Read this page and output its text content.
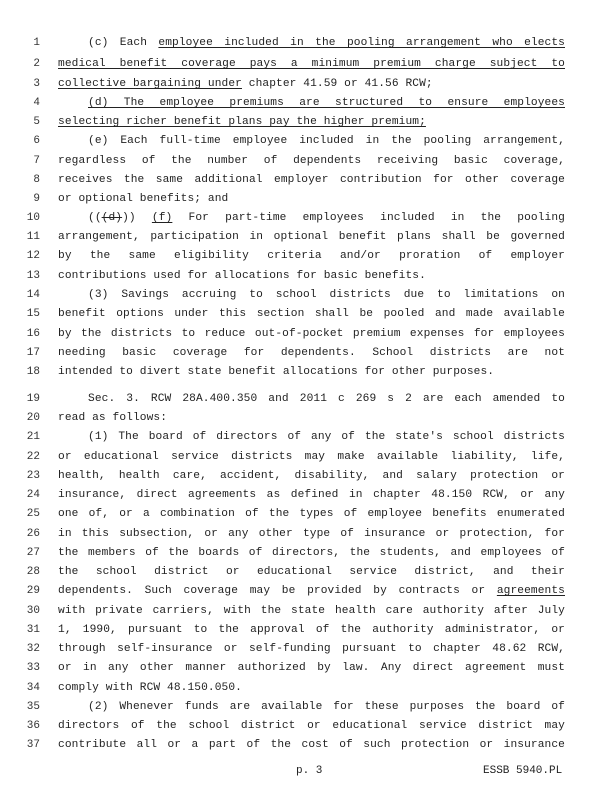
1	(c) Each employee included in the pooling arrangement who elects
2 medical benefit coverage pays a minimum premium charge subject to
3 collective bargaining under chapter 41.59 or 41.56 RCW;
4	(d) The employee premiums are structured to ensure employees
5 selecting richer benefit plans pay the higher premium;
6	(e) Each full-time employee included in the pooling arrangement,
7 regardless of the number of dependents receiving basic coverage,
8 receives the same additional employer contribution for other coverage
9 or optional benefits; and
10	(((d))) (f) For part-time employees included in the pooling
11 arrangement, participation in optional benefit plans shall be governed
12 by the same eligibility criteria and/or proration of employer
13 contributions used for allocations for basic benefits.
14	(3) Savings accruing to school districts due to limitations on
15 benefit options under this section shall be pooled and made available
16 by the districts to reduce out-of-pocket premium expenses for employees
17 needing basic coverage for dependents. School districts are not
18 intended to divert state benefit allocations for other purposes.
19	Sec. 3. RCW 28A.400.350 and 2011 c 269 s 2 are each amended to
20 read as follows:
21	(1) The board of directors of any of the state's school districts
22 or educational service districts may make available liability, life,
23 health, health care, accident, disability, and salary protection or
24 insurance, direct agreements as defined in chapter 48.150 RCW, or any
25 one of, or a combination of the types of employee benefits enumerated
26 in this subsection, or any other type of insurance or protection, for
27 the members of the boards of directors, the students, and employees of
28 the school district or educational service district, and their
29 dependents. Such coverage may be provided by contracts or agreements
30 with private carriers, with the state health care authority after July
31 1, 1990, pursuant to the approval of the authority administrator, or
32 through self-insurance or self-funding pursuant to chapter 48.62 RCW,
33 or in any other manner authorized by law. Any direct agreement must
34 comply with RCW 48.150.050.
35	(2) Whenever funds are available for these purposes the board of
36 directors of the school district or educational service district may
37 contribute all or a part of the cost of such protection or insurance
p. 3	ESSB 5940.PL
